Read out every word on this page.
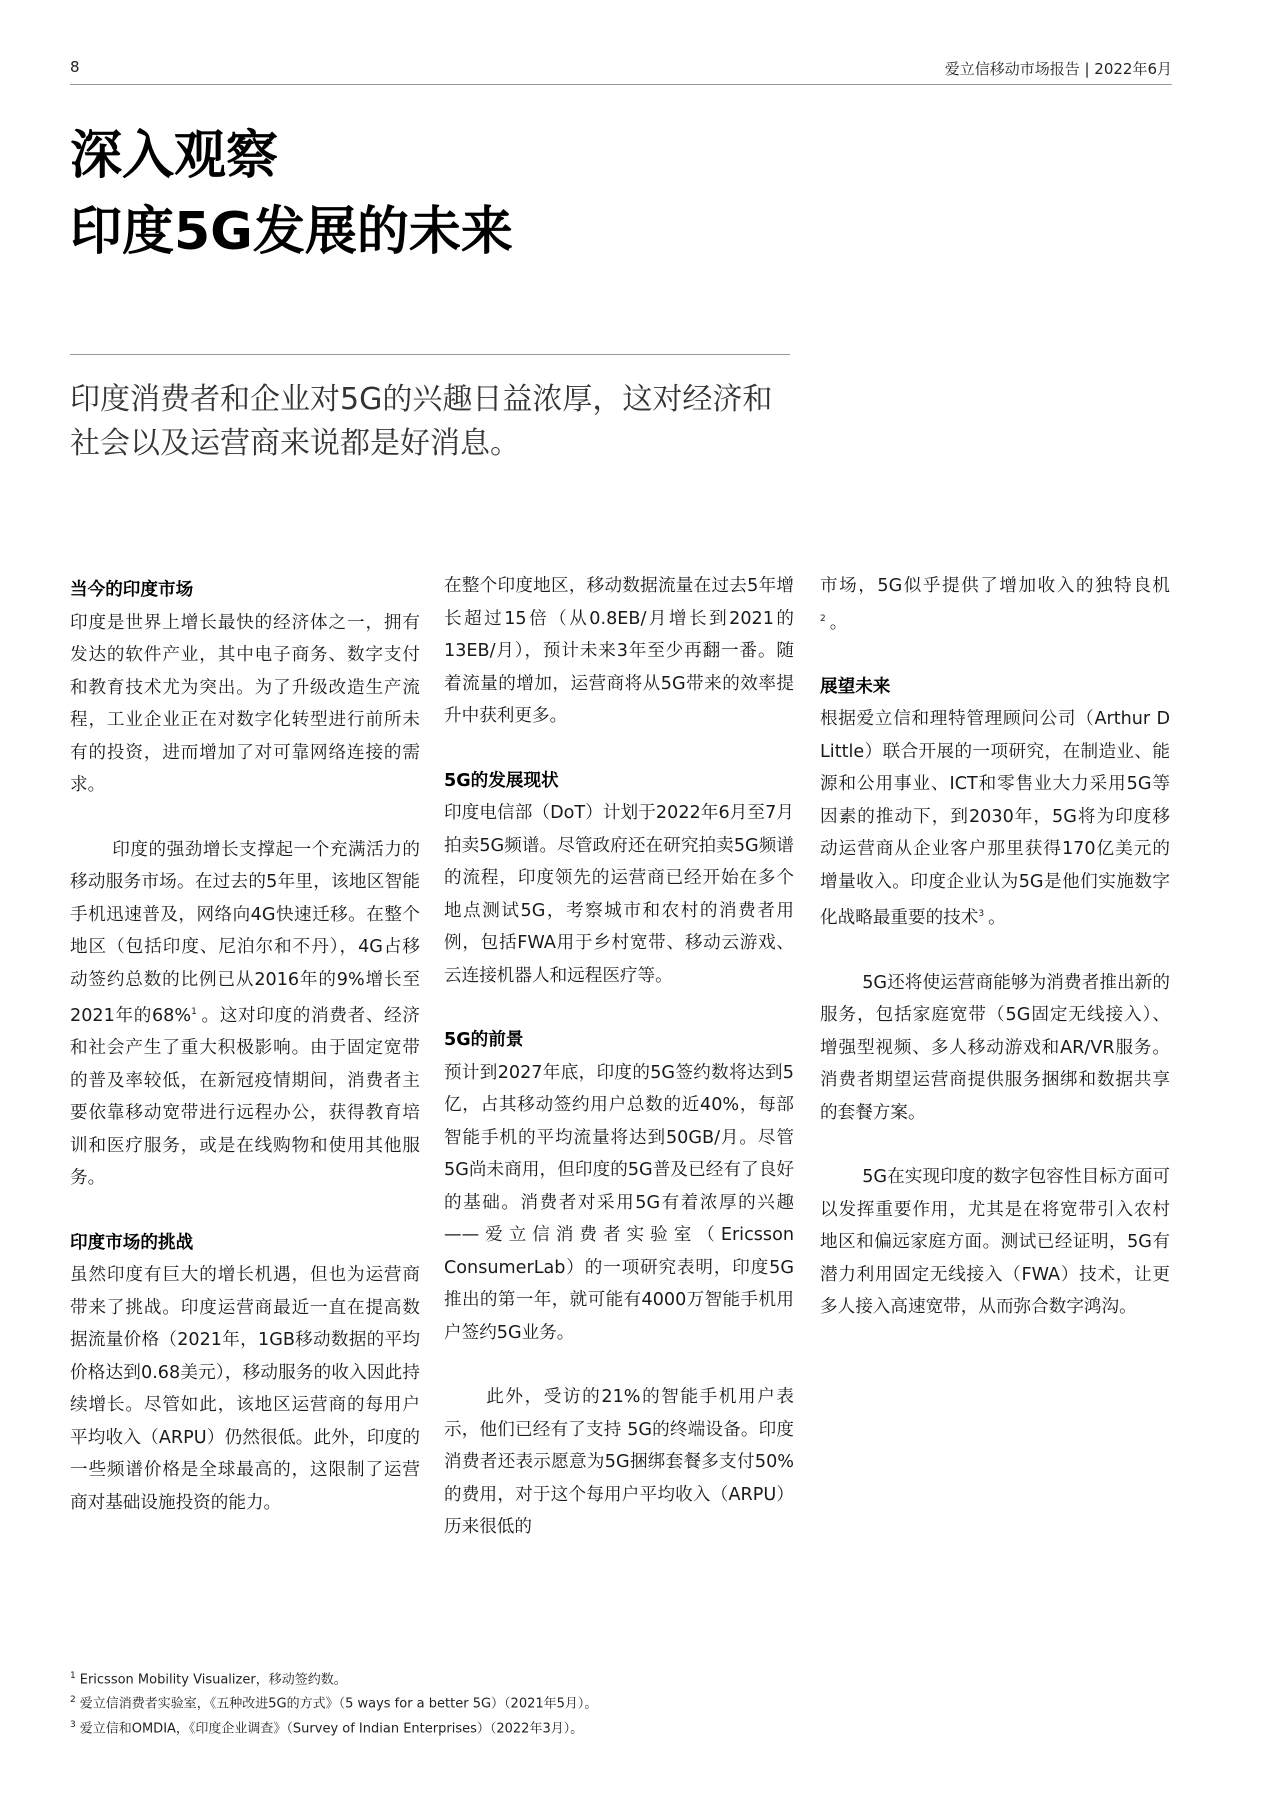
8	爱立信移动市场报告 | 2022年6月
深入观察
印度5G发展的未来

印度消费者和企业对5G的兴趣日益浓厚，这对经济和社会以及运营商来说都是好消息。

当今的印度市场

印度是世界上增长最快的经济体之一，拥有发达的软件产业，其中电子商务、数字支付和教育技术尤为突出。为了升级改造生产流程，工业企业正在对数字化转型进行前所未有的投资，进而增加了对可靠网络连接的需求。

印度的强劲增长支撑起一个充满活力的移动服务市场。在过去的5年里，该地区智能手机迅速普及，网络向4G快速迁移。在整个地区（包括印度、尼泊尔和不丹），4G占移动签约总数的比例已从2016年的9%增长至2021年的68%$^1$ 。这对印度的消费者、经济和社会产生了重大积极影响。由于固定宽带的普及率较低，在新冠疫情期间，消费者主要依靠移动宽带进行远程办公，获得教育培训和医疗服务，或是在线购物和使用其他服务。

印度市场的挑战

虽然印度有巨大的增长机遇，但也为运营商带来了挑战。印度运营商最近一直在提高数据流量价格（2021年，1GB移动数据的平均价格达到0.68美元），移动服务的收入因此持续增长。尽管如此，该地区运营商的每用户平均收入（ARPU）仍然很低。此外，印度的一些频谱价格是全球最高的，这限制了运营商对基础设施投资的能力。

在整个印度地区，移动数据流量在过去5年增长超过15倍（从0.8EB/月增长到2021的13EB/月），预计未来3年至少再翻一番。随着流量的增加，运营商将从5G带来的效率提升中获利更多。

5G的发展现状

印度电信部（DoT）计划于2022年6月至7月拍卖5G频谱。尽管政府还在研究拍卖5G频谱的流程，印度领先的运营商已经开始在多个地点测试5G，考察城市和农村的消费者用例，包括FWA用于乡村宽带、移动云游戏、云连接机器人和远程医疗等。

5G的前景

预计到2027年底，印度的5G签约数将达到5亿，占其移动签约用户总数的近40%，每部智能手机的平均流量将达到50GB/月。尽管5G尚未商用，但印度的5G普及已经有了良好的基础。消费者对采用5G有着浓厚的兴趣——爱立信消费者实验室（Ericsson ConsumerLab）的一项研究表明，印度5G推出的第一年，就可能有4000万智能手机用户签约5G业务。

此外，受访的21%的智能手机用户表示，他们已经有了支持 5G的终端设备。印度消费者还表示愿意为5G捆绑套餐多支付50%的费用，对于这个每用户平均收入（ARPU）历来很低的

市场，5G似乎提供了增加收入的独特良机$^2$ 。

展望未来

根据爱立信和理特管理顾问公司（Arthur D Little）联合开展的一项研究，在制造业、能源和公用事业、ICT和零售业大力采用5G等因素的推动下，到2030年，5G将为印度移动运营商从企业客户那里获得170亿美元的增量收入。印度企业认为5G是他们实施数字化战略最重要的技术$^3$ 。

5G还将使运营商能够为消费者推出新的服务，包括家庭宽带（5G固定无线接入）、增强型视频、多人移动游戏和AR/VR服务。消费者期望运营商提供服务捆绑和数据共享的套餐方案。

5G在实现印度的数字包容性目标方面可以发挥重要作用，尤其是在将宽带引入农村地区和偏远家庭方面。测试已经证明，5G有潜力利用固定无线接入（FWA）技术，让更多人接入高速宽带，从而弥合数字鸿沟。

$^1$ Ericsson Mobility Visualizer，移动签约数。
$^2$ 爱立信消费者实验室，《五种改进5G的方式》（5 ways for a better 5G）（2021年5月）。
$^3$ 爱立信和OMDIA，《印度企业调查》（Survey of Indian Enterprises）（2022年3月）。
